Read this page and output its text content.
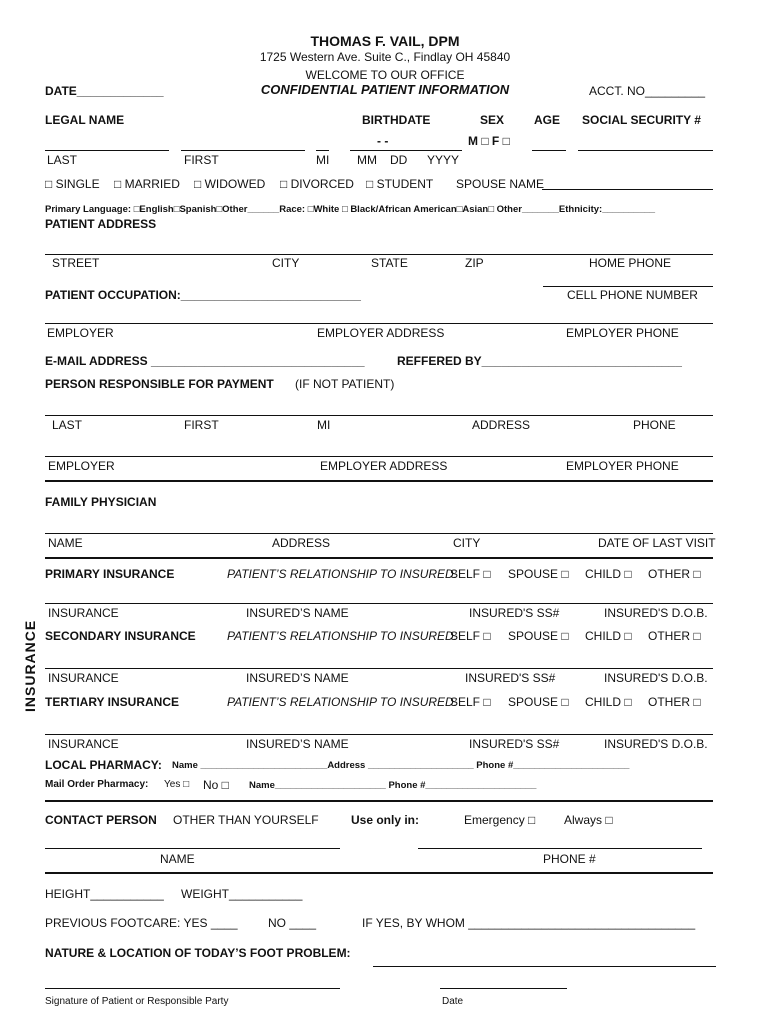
THOMAS F. VAIL, DPM
1725 Western Ave. Suite C., Findlay OH 45840
WELCOME TO OUR OFFICE
CONFIDENTIAL PATIENT INFORMATION
DATE_____________	ACCT. NO_________
LEGAL NAME	BIRTHDATE	SEX AGE SOCIAL SECURITY #
- -	M □ F □
LAST	FIRST	MI MM DD YYYY
□ SINGLE □ MARRIED □ WIDOWED □ DIVORCED □ STUDENT SPOUSE NAME
Primary Language: □English□Spanish□Other______Race: □White □ Black/African American□Asian□ Other_______Ethnicity:__________
PATIENT ADDRESS
STREET	CITY	STATE	ZIP	HOME PHONE
PATIENT OCCUPATION:___________________________	CELL PHONE NUMBER
EMPLOYER	EMPLOYER ADDRESS	EMPLOYER PHONE
E-MAIL ADDRESS ________________________________	REFFERED BY______________________________
PERSON RESPONSIBLE FOR PAYMENT (IF NOT PATIENT)
LAST	FIRST	MI	ADDRESS	PHONE
EMPLOYER	EMPLOYER ADDRESS	EMPLOYER PHONE
FAMILY PHYSICIAN
NAME	ADDRESS	CITY	DATE OF LAST VISIT
INSURANCE
PRIMARY INSURANCE	PATIENT’S RELATIONSHIP TO INSURED:
SELF □ SPOUSE □ CHILD □ OTHER □
INSURANCE	INSURED’S NAME	INSURED'S SS#	INSURED'S D.O.B.
SECONDARY INSURANCE	PATIENT’S RELATIONSHIP TO INSURED:
SELF □ SPOUSE □ CHILD □ OTHER □
INSURANCE	INSURED’S NAME	INSURED'S SS#	INSURED'S D.O.B.
TERTIARY INSURANCE	PATIENT’S RELATIONSHIP TO INSURED:
SELF □ SPOUSE □ CHILD □ OTHER □
INSURANCE	INSURED’S NAME	INSURED'S SS#	INSURED'S D.O.B.
LOCAL PHARMACY: Name ________________________Address ____________________ Phone #______________________
Mail Order Pharmacy: Yes □ No □ Name_____________________ Phone #_____________________
CONTACT PERSON OTHER THAN YOURSELF	Use only in:	Emergency □ Always □
NAME	PHONE #
HEIGHT___________ WEIGHT___________
PREVIOUS FOOTCARE: YES ____	NO ____	IF YES, BY WHOM __________________________________
NATURE & LOCATION OF TODAY’S FOOT PROBLEM:
Signature of Patient or Responsible Party	Date
